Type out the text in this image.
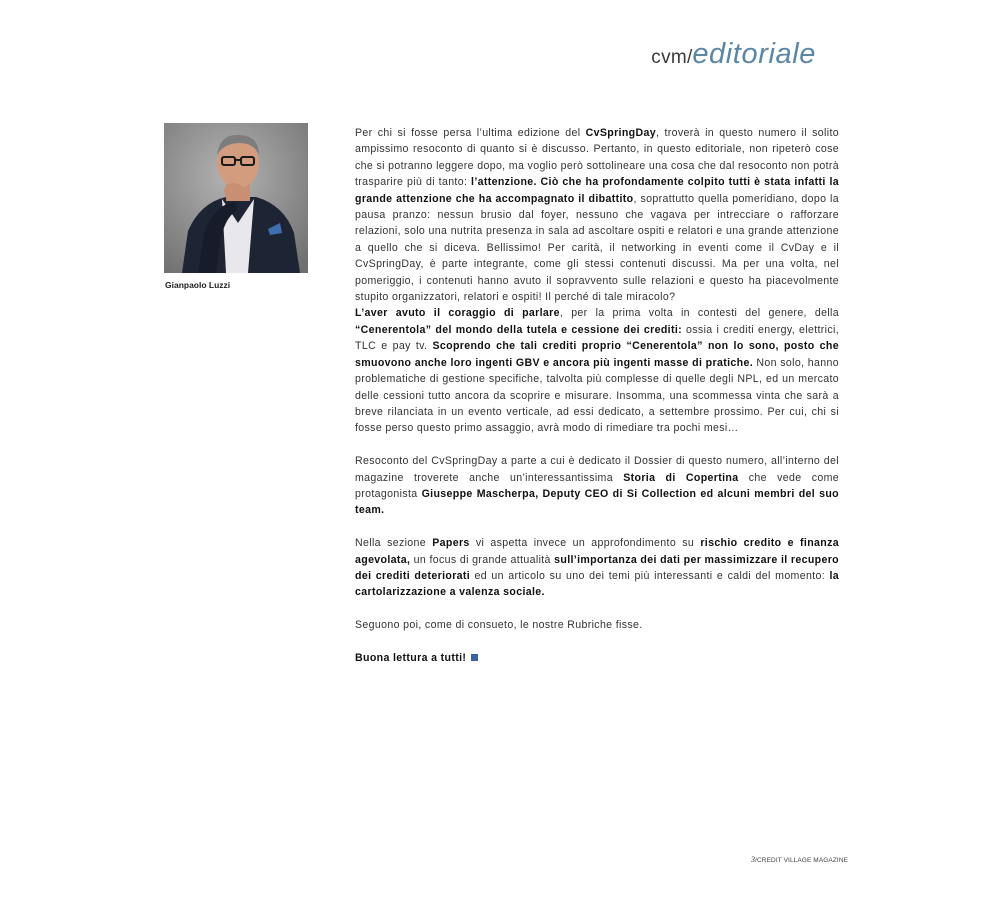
cvm/editoriale
Gianpaolo Luzzi

Per chi si fosse persa l’ultima edizione del CvSpringDay, troverà in questo numero il solito ampissimo resoconto di quanto si è discusso. Pertanto, in questo editoriale, non ripeterò cose che si potranno leggere dopo, ma voglio però sottolineare una cosa che dal resoconto non potrà trasparire più di tanto: l’attenzione. Ciò che ha profondamente colpito tutti è stata infatti la grande attenzione che ha accompagnato il dibattito, soprattutto quella pomeridiano, dopo la pausa pranzo: nessun brusio dal foyer, nessuno che vagava per intrecciare o rafforzare relazioni, solo una nutrita presenza in sala ad ascoltare ospiti e relatori e una grande attenzione a quello che si diceva. Bellissimo! Per carità, il networking in eventi come il CvDay e il CvSpringDay, è parte integrante, come gli stessi contenuti discussi. Ma per una volta, nel pomeriggio, i contenuti hanno avuto il sopravvento sulle relazioni e questo ha piacevolmente stupito organizzatori, relatori e ospiti! Il perché di tale miracolo?

L’aver avuto il coraggio di parlare, per la prima volta in contesti del genere, della “Cenerentola” del mondo della tutela e cessione dei crediti: ossia i crediti energy, elettrici, TLC e pay tv. Scoprendo che tali crediti proprio “Cenerentola” non lo sono, posto che smuovono anche loro ingenti GBV e ancora più ingenti masse di pratiche. Non solo, hanno problematiche di gestione specifiche, talvolta più complesse di quelle degli NPL, ed un mercato delle cessioni tutto ancora da scoprire e misurare. Insomma, una scommessa vinta che sarà a breve rilanciata in un evento verticale, ad essi dedicato, a settembre prossimo. Per cui, chi si fosse perso questo primo assaggio, avrà modo di rimediare tra pochi mesi…

Resoconto del CvSpringDay a parte a cui è dedicato il Dossier di questo numero, all’interno del magazine troverete anche un’interessantissima Storia di Copertina che vede come protagonista Giuseppe Mascherpa, Deputy CEO di Si Collection ed alcuni membri del suo team.

Nella sezione Papers vi aspetta invece un approfondimento su rischio credito e finanza agevolata, un focus di grande attualità sull’importanza dei dati per massimizzare il recupero dei crediti deteriorati ed un articolo su uno dei temi più interessanti e caldi del momento: la cartolarizzazione a valenza sociale.

Seguono poi, come di consueto, le nostre Rubriche fisse.

Buona lettura a tutti!

3/CREDIT VILLAGE MAGAZINE
